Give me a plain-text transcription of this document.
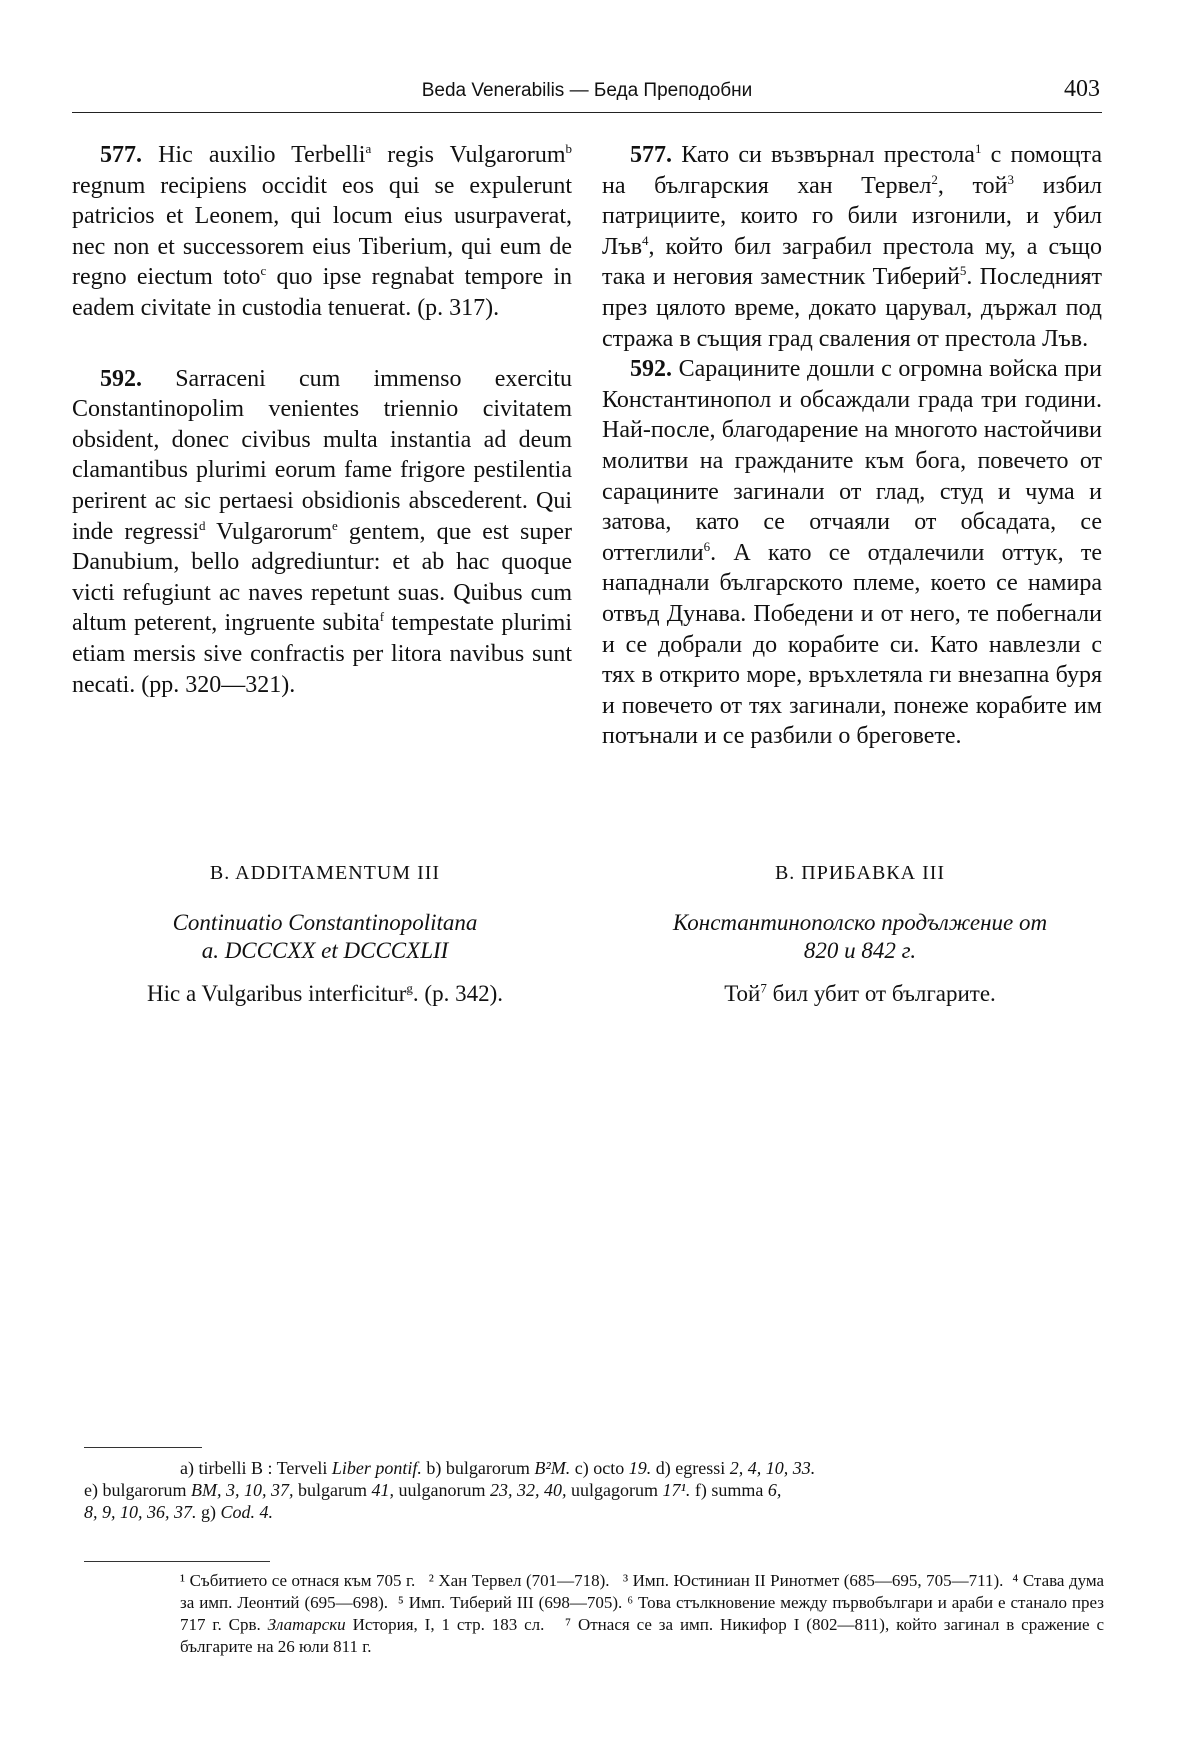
Beda Venerabilis — Беда Преподобни	403

577. Hic auxilio Terbelli$^a$ regis Vulgarorum$^b$ regnum recipiens occidit eos qui se expulerunt patricios et Leonem, qui locum eius usurpaverat, nec non et successorem eius Tiberium, qui eum de regno eiectum toto$^c$ quo ipse regnabat tempore in eadem civitate in custodia tenuerat. (p. 317).

592. Sarraceni cum immenso exercitu Constantinopolim venientes triennio civitatem obsident, donec civibus multa instantia ad deum clamantibus plurimi eorum fame frigore pestilentia perirent ac sic pertaesi obsidionis abscederent. Qui inde regressi$^d$ Vulgarorum$^e$ gentem, que est super Danubium, bello adgrediuntur: et ab hac quoque victi refugiunt ac naves repetunt suas. Quibus cum altum peterent, ingruente subita$^f$ tempestate plurimi etiam mersis sive confractis per litora navibus sunt necati. (pp. 320—321).

577. Като си възвърнал престола$^1$ с помощта на българския хан Тервел$^2$, той$^3$ избил патрициите, които го били изгонили, и убил Лъв$^4$, който бил заграбил престола му, а също така и неговия заместник Тиберий$^5$. Последният през цялото време, докато царувал, държал под стража в същия град сваления от престола Лъв.

592. Сарацините дошли с огромна войска при Константинопол и обсаждали града три години. Най-после, благодарение на многото настойчиви молитви на гражданите към бога, повечето от сарацините загинали от глад, студ и чума и затова, като се отчаяли от обсадата, се оттеглили$^6$. А като се отдалечили оттук, те нападнали българското племе, което се намира отвъд Дунава. Победени и от него, те побегнали и се добрали до корабите си. Като навлезли с тях в открито море, връхлетяла ги внезапна буря и повечето от тях загинали, понеже корабите им потънали и се разбили о бреговете.

B. ADDITAMENTUM III
Continuatio Constantinopolitana
a. DCCCXX et DCCCXLII
Hic a Vulgaribus interficitur$^g$. (p. 342).
B. ПРИБАВКА III
Константинополско продължение от
820 и 842 г.
Той$^7$ бил убит от българите.

a) tirbelli B : Terveli Liber pontif. b) bulgarorum B²M. c) octo 19. d) egressi 2, 4, 10, 33.

e) bulgarorum BM, 3, 10, 37, bulgarum 41, uulganorum 23, 32, 40, uulgagorum 17¹. f) summa 6,

8, 9, 10, 36, 37. g) Cod. 4.

¹ Събитието се отнася към 705 г. ² Хан Тервел (701—718). ³ Имп. Юстиниан II Ринотмет (685—695, 705—711). ⁴ Става дума за имп. Леонтий (695—698). ⁵ Имп. Тиберий III (698—705). ⁶ Това стълкновение между първобългари и араби е станало през 717 г. Срв. Златарски История, I, 1 стр. 183 сл. ⁷ Отнася се за имп. Никифор I (802—811), който загинал в сражение с българите на 26 юли 811 г.
